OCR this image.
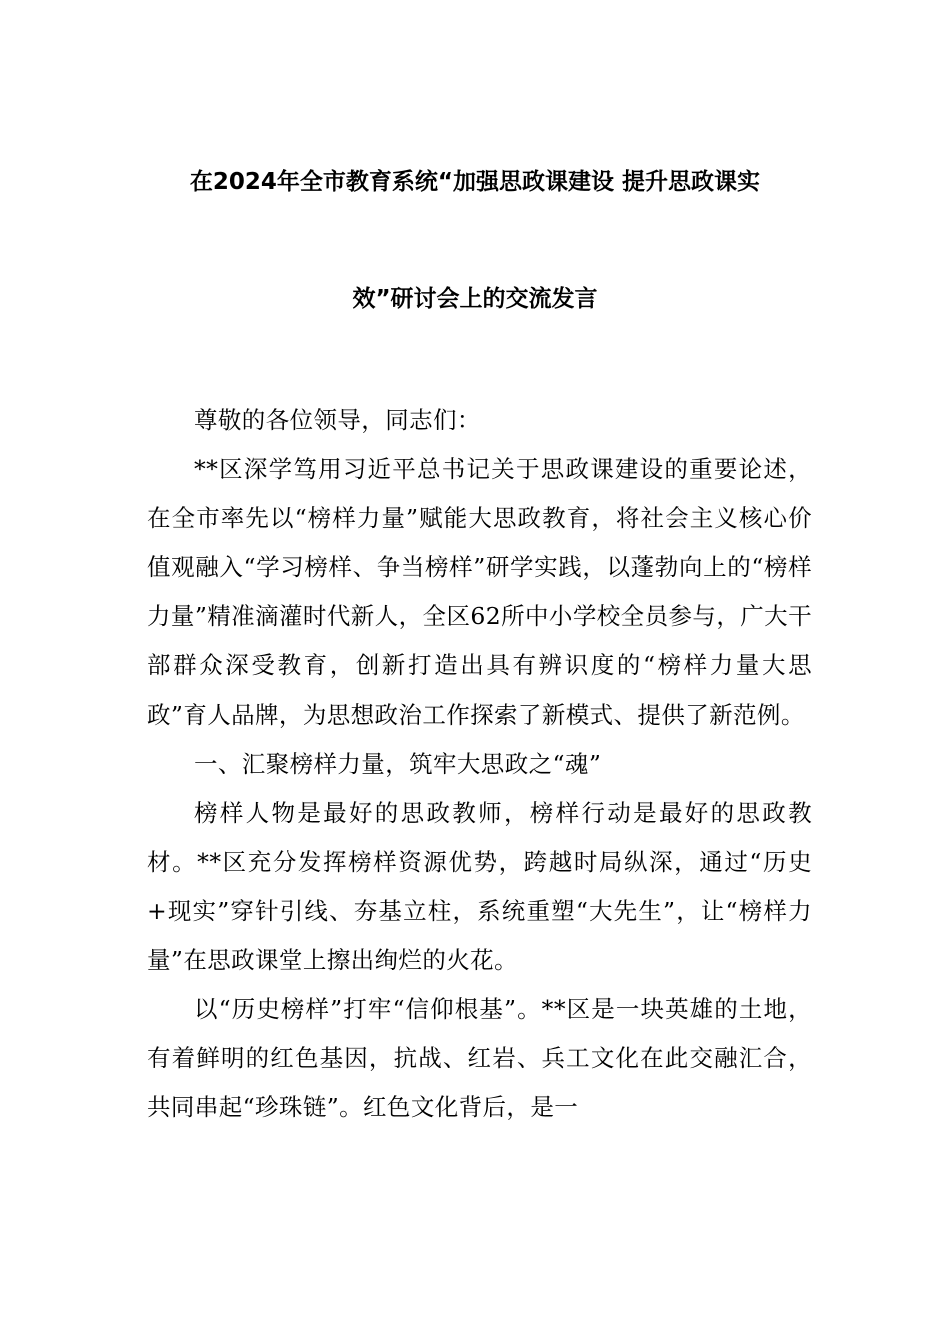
在2024年全市教育系统“加强思政课建设 提升思政课实
效”研讨会上的交流发言

尊敬的各位领导，同志们：

**区深学笃用习近平总书记关于思政课建设的重要论述，在全市率先以“榜样力量”赋能大思政教育，将社会主义核心价值观融入“学习榜样、争当榜样”研学实践，以蓬勃向上的“榜样力量”精准滴灌时代新人，全区62所中小学校全员参与，广大干部群众深受教育，创新打造出具有辨识度的“榜样力量大思政”育人品牌，为思想政治工作探索了新模式、提供了新范例。

一、汇聚榜样力量，筑牢大思政之“魂”

榜样人物是最好的思政教师，榜样行动是最好的思政教材。**区充分发挥榜样资源优势，跨越时局纵深，通过“历史+现实”穿针引线、夯基立柱，系统重塑“大先生”，让“榜样力量”在思政课堂上擦出绚烂的火花。

以“历史榜样”打牢“信仰根基”。**区是一块英雄的土地，有着鲜明的红色基因，抗战、红岩、兵工文化在此交融汇合，共同串起“珍珠链”。红色文化背后，是一
